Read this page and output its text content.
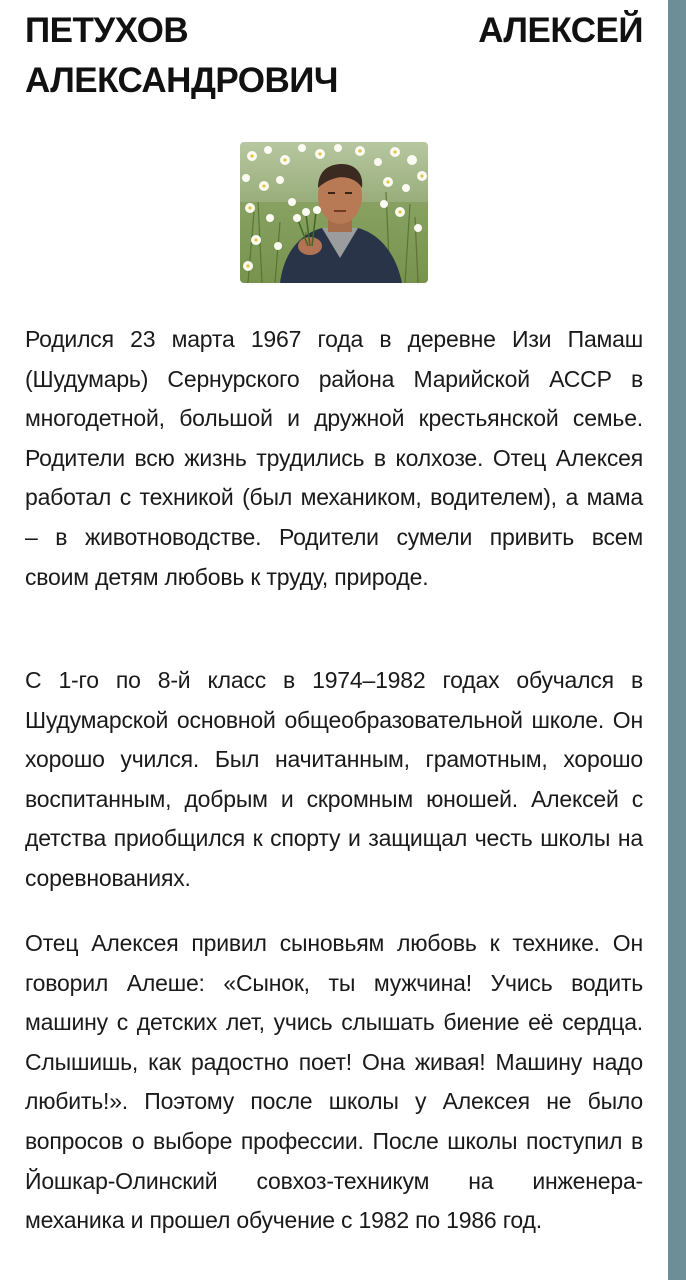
ПЕТУХОВ АЛЕКСЕЙ АЛЕКСАНДРОВИЧ

Родился 23 марта 1967 года в деревне Изи Памаш (Шудумарь) Сернурского района Марийской АССР в многодетной, большой и дружной крестьянской семье. Родители всю жизнь трудились в колхозе. Отец Алексея работал с техникой (был механиком, водителем), а мама – в животноводстве. Родители сумели привить всем своим детям любовь к труду, природе.

С 1-го по 8-й класс в 1974–1982 годах обучался в Шудумарской основной общеобразовательной школе. Он хорошо учился. Был начитанным, грамотным, хорошо воспитанным, добрым и скромным юношей. Алексей с детства приобщился к спорту и защищал честь школы на соревнованиях.

Отец Алексея привил сыновьям любовь к технике. Он говорил Алеше: «Сынок, ты мужчина! Учись водить машину с детских лет, учись слышать биение её сердца. Слышишь, как радостно поет! Она живая! Машину надо любить!». Поэтому после школы у Алексея не было вопросов о выборе профессии. После школы поступил в Йошкар-Олинский совхоз-техникум на инженера-механика и прошел обучение с 1982 по 1986 год.
